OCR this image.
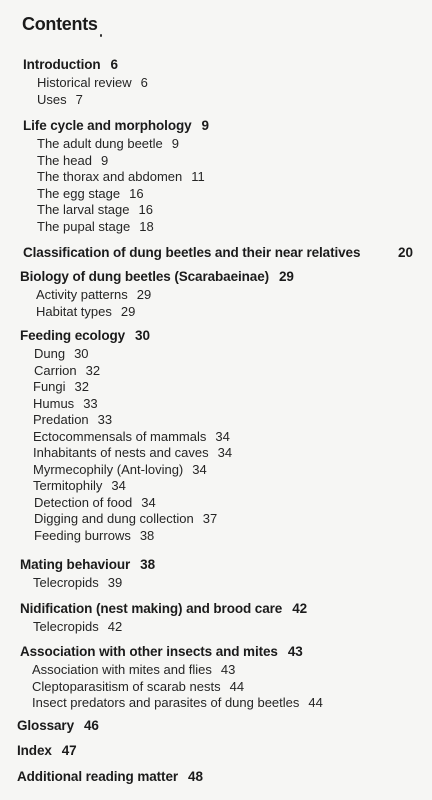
Contents
Introduction 6
Historical review 6
Uses 7
Life cycle and morphology 9
The adult dung beetle 9
The head 9
The thorax and abdomen 11
The egg stage 16
The larval stage 16
The pupal stage 18
20
Classification of dung beetles and their near relatives
Biology of dung beetles (Scarabaeinae) 29
Activity patterns 29
Habitat types 29
Feeding ecology 30
Dung 30
Carrion 32
Fungi 32
Humus 33
Predation 33
Ectocommensals of mammals 34
Inhabitants of nests and caves 34
Myrmecophily (Ant-loving) 34
Termitophily 34
Detection of food 34
Digging and dung collection 37
Feeding burrows 38
Mating behaviour 38
Telecropids 39
Nidification (nest making) and brood care 42
Telecropids 42
Association with other insects and mites 43
Association with mites and flies 43
Cleptoparasitism of scarab nests 44
Insect predators and parasites of dung beetles 44
Glossary 46
Index 47
Additional reading matter 48
